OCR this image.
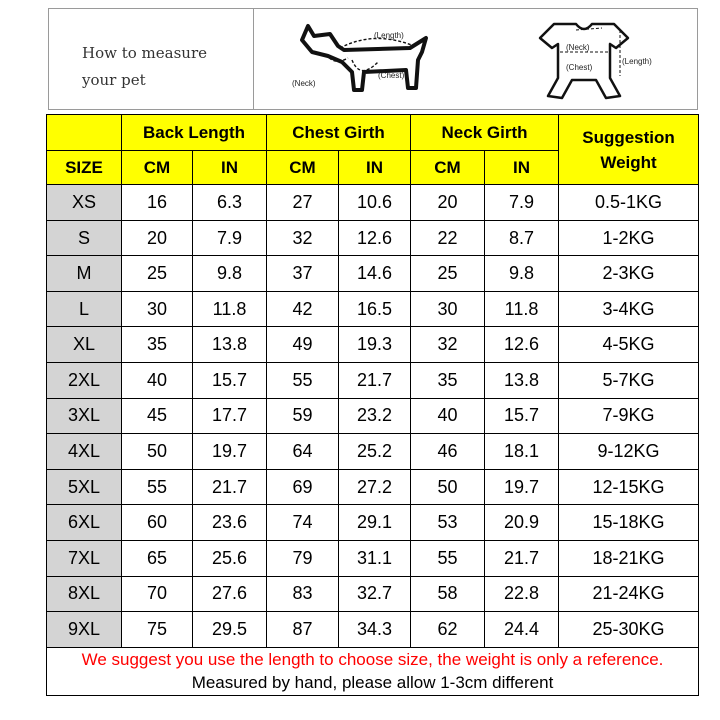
How to measure
your pet
(Length)
(Neck)
(Chest)
(Neck)
(Chest)
(Length)
	Back Length		Chest Girth		Neck Girth		Suggestion
Weight
SIZE	CM	IN	CM	IN	CM	IN	
XS	16	6.3	27	10.6	20	7.9	0.5-1KG
S	20	7.9	32	12.6	22	8.7	1-2KG
M	25	9.8	37	14.6	25	9.8	2-3KG
L	30	11.8	42	16.5	30	11.8	3-4KG
XL	35	13.8	49	19.3	32	12.6	4-5KG
2XL	40	15.7	55	21.7	35	13.8	5-7KG
3XL	45	17.7	59	23.2	40	15.7	7-9KG
4XL	50	19.7	64	25.2	46	18.1	9-12KG
5XL	55	21.7	69	27.2	50	19.7	12-15KG
6XL	60	23.6	74	29.1	53	20.9	15-18KG
7XL	65	25.6	79	31.1	55	21.7	18-21KG
8XL	70	27.6	83	32.7	58	22.8	21-24KG
9XL	75	29.5	87	34.3	62	24.4	25-30KG
We suggest you use the length to choose size, the weight is only a reference.							
Measured by hand, please allow 1-3cm different							
